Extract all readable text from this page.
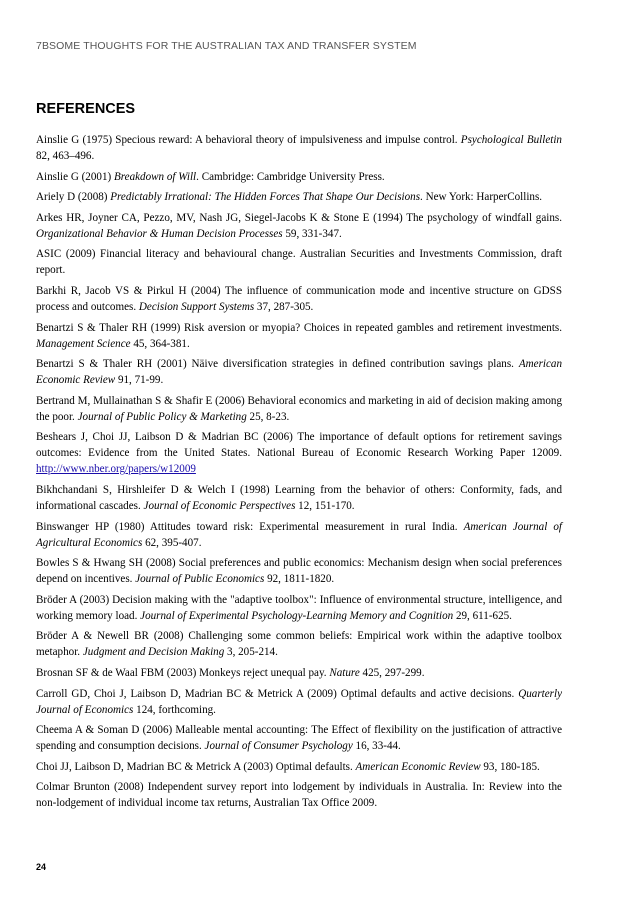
7BSOME THOUGHTS FOR THE AUSTRALIAN TAX AND TRANSFER SYSTEM
REFERENCES
Ainslie G (1975) Specious reward: A behavioral theory of impulsiveness and impulse control. Psychological Bulletin 82, 463–496.
Ainslie G (2001) Breakdown of Will. Cambridge: Cambridge University Press.
Ariely D (2008) Predictably Irrational: The Hidden Forces That Shape Our Decisions. New York: HarperCollins.
Arkes HR, Joyner CA, Pezzo, MV, Nash JG, Siegel-Jacobs K & Stone E (1994) The psychology of windfall gains. Organizational Behavior & Human Decision Processes 59, 331-347.
ASIC (2009) Financial literacy and behavioural change. Australian Securities and Investments Commission, draft report.
Barkhi R, Jacob VS & Pirkul H (2004) The influence of communication mode and incentive structure on GDSS process and outcomes. Decision Support Systems 37, 287-305.
Benartzi S & Thaler RH (1999) Risk aversion or myopia? Choices in repeated gambles and retirement investments. Management Science 45, 364-381.
Benartzi S & Thaler RH (2001) Näive diversification strategies in defined contribution savings plans. American Economic Review 91, 71-99.
Bertrand M, Mullainathan S & Shafir E (2006) Behavioral economics and marketing in aid of decision making among the poor. Journal of Public Policy & Marketing 25, 8-23.
Beshears J, Choi JJ, Laibson D & Madrian BC (2006) The importance of default options for retirement savings outcomes: Evidence from the United States. National Bureau of Economic Research Working Paper 12009. http://www.nber.org/papers/w12009
Bikhchandani S, Hirshleifer D & Welch I (1998) Learning from the behavior of others: Conformity, fads, and informational cascades. Journal of Economic Perspectives 12, 151-170.
Binswanger HP (1980) Attitudes toward risk: Experimental measurement in rural India. American Journal of Agricultural Economics 62, 395-407.
Bowles S & Hwang SH (2008) Social preferences and public economics: Mechanism design when social preferences depend on incentives. Journal of Public Economics 92, 1811-1820.
Bröder A (2003) Decision making with the "adaptive toolbox": Influence of environmental structure, intelligence, and working memory load. Journal of Experimental Psychology-Learning Memory and Cognition 29, 611-625.
Bröder A & Newell BR (2008) Challenging some common beliefs: Empirical work within the adaptive toolbox metaphor. Judgment and Decision Making 3, 205-214.
Brosnan SF & de Waal FBM (2003) Monkeys reject unequal pay. Nature 425, 297-299.
Carroll GD, Choi J, Laibson D, Madrian BC & Metrick A (2009) Optimal defaults and active decisions. Quarterly Journal of Economics 124, forthcoming.
Cheema A & Soman D (2006) Malleable mental accounting: The Effect of flexibility on the justification of attractive spending and consumption decisions. Journal of Consumer Psychology 16, 33-44.
Choi JJ, Laibson D, Madrian BC & Metrick A (2003) Optimal defaults. American Economic Review 93, 180-185.
Colmar Brunton (2008) Independent survey report into lodgement by individuals in Australia. In: Review into the non-lodgement of individual income tax returns, Australian Tax Office 2009.
24
